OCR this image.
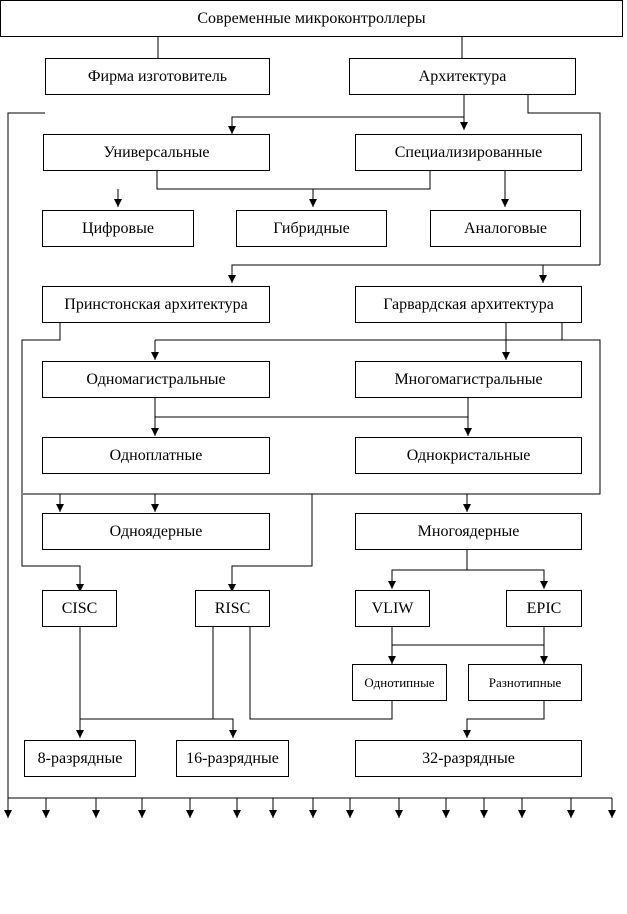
Современные микроконтроллеры
Фирма изготовитель	Архитектура
Универсальные	Специализированные
Цифровые	Гибридные	Аналоговые
Принстонская архитектура	Гарвардская архитектура
Одномагистральные	Многомагистральные
Одноплатные	Однокристальные
Одноядерные	Многоядерные
CISC	RISC	VLIW	EPIC
Однотипные	Разнотипные
8-разрядные	16-разрядные	32-разрядные
